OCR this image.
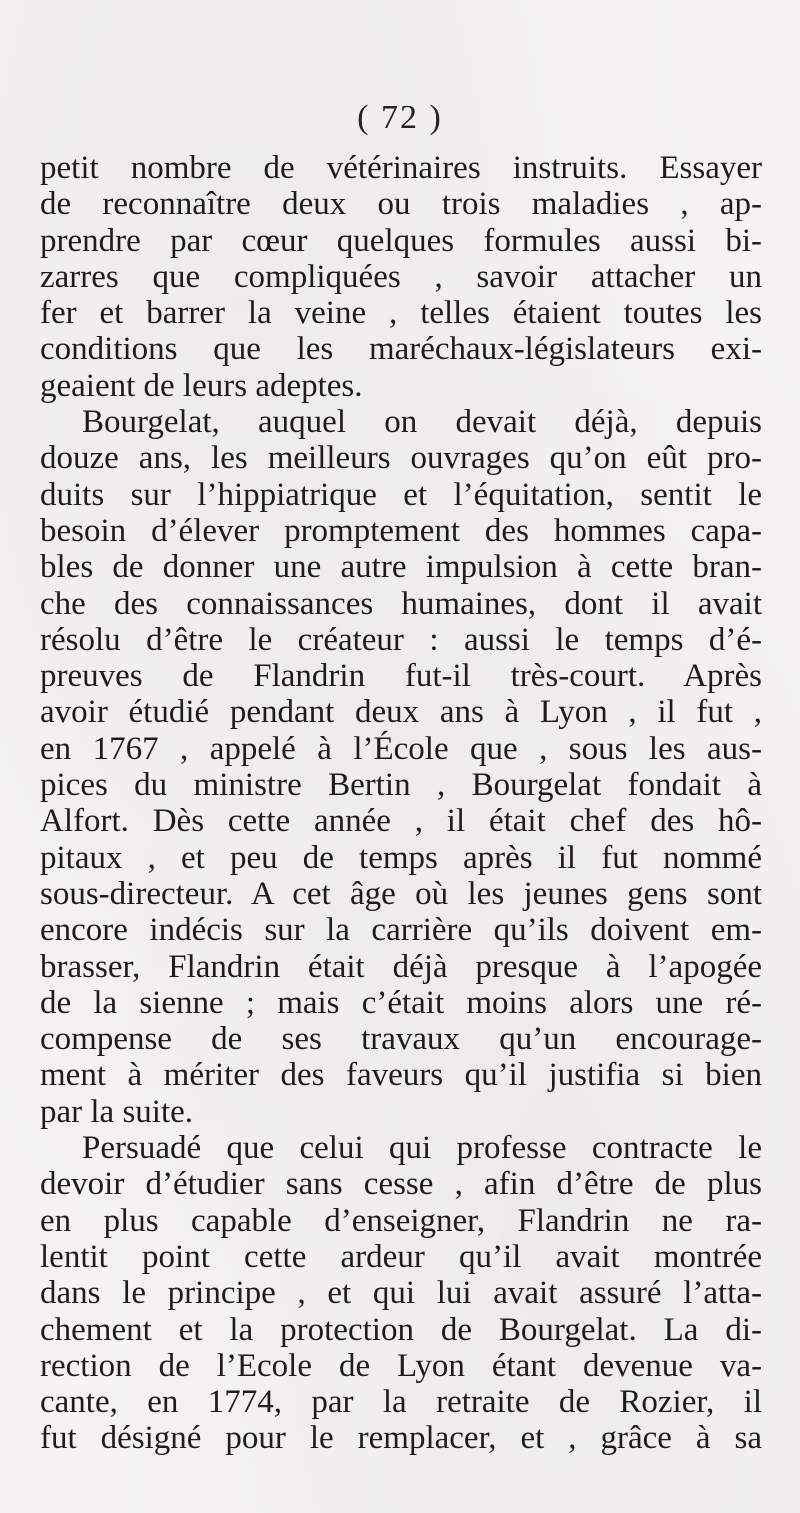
( 72 )
petit nombre de vétérinaires instruits. Essayer
de reconnaître deux ou trois maladies , ap-
prendre par cœur quelques formules aussi bi-
zarres que compliquées , savoir attacher un
fer et barrer la veine , telles étaient toutes les
conditions que les maréchaux-législateurs exi-
geaient de leurs adeptes.
Bourgelat, auquel on devait déjà, depuis
douze ans, les meilleurs ouvrages qu’on eût pro-
duits sur l’hippiatrique et l’équitation, sentit le
besoin d’élever promptement des hommes capa-
bles de donner une autre impulsion à cette bran-
che des connaissances humaines, dont il avait
résolu d’être le créateur : aussi le temps d’é-
preuves de Flandrin fut-il très-court. Après
avoir étudié pendant deux ans à Lyon , il fut ,
en 1767 , appelé à l’École que , sous les aus-
pices du ministre Bertin , Bourgelat fondait à
Alfort. Dès cette année , il était chef des hô-
pitaux , et peu de temps après il fut nommé
sous-directeur. A cet âge où les jeunes gens sont
encore indécis sur la carrière qu’ils doivent em-
brasser, Flandrin était déjà presque à l’apogée
de la sienne ; mais c’était moins alors une ré-
compense de ses travaux qu’un encourage-
ment à mériter des faveurs qu’il justifia si bien
par la suite.
Persuadé que celui qui professe contracte le
devoir d’étudier sans cesse , afin d’être de plus
en plus capable d’enseigner, Flandrin ne ra-
lentit point cette ardeur qu’il avait montrée
dans le principe , et qui lui avait assuré l’atta-
chement et la protection de Bourgelat. La di-
rection de l’Ecole de Lyon étant devenue va-
cante, en 1774, par la retraite de Rozier, il
fut désigné pour le remplacer, et , grâce à sa
